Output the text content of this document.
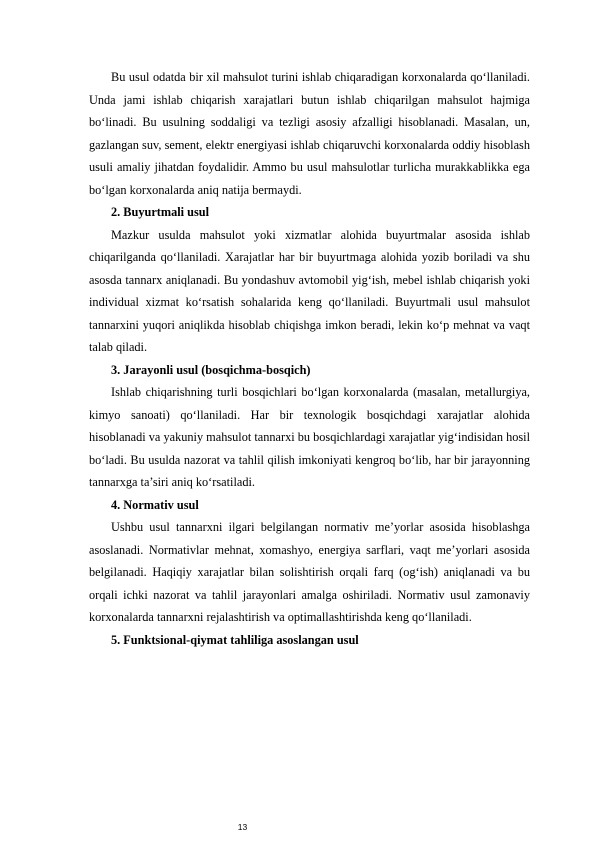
Bu usul odatda bir xil mahsulot turini ishlab chiqaradigan korxonalarda qo‘llaniladi. Unda jami ishlab chiqarish xarajatlari butun ishlab chiqarilgan mahsulot hajmiga bo‘linadi. Bu usulning soddaligi va tezligi asosiy afzalligi hisoblanadi. Masalan, un, gazlangan suv, sement, elektr energiyasi ishlab chiqaruvchi korxonalarda oddiy hisoblash usuli amaliy jihatdan foydalidir. Ammo bu usul mahsulotlar turlicha murakkablikka ega bo‘lgan korxonalarda aniq natija bermaydi.

2. Buyurtmali usul

Mazkur usulda mahsulot yoki xizmatlar alohida buyurtmalar asosida ishlab chiqarilganda qo‘llaniladi. Xarajatlar har bir buyurtmaga alohida yozib boriladi va shu asosda tannarx aniqlanadi. Bu yondashuv avtomobil yig‘ish, mebel ishlab chiqarish yoki individual xizmat ko‘rsatish sohalarida keng qo‘llaniladi. Buyurtmali usul mahsulot tannarxini yuqori aniqlikda hisoblab chiqishga imkon beradi, lekin ko‘p mehnat va vaqt talab qiladi.

3. Jarayonli usul (bosqichma-bosqich)

Ishlab chiqarishning turli bosqichlari bo‘lgan korxonalarda (masalan, metallurgiya, kimyo sanoati) qo‘llaniladi. Har bir texnologik bosqichdagi xarajatlar alohida hisoblanadi va yakuniy mahsulot tannarxi bu bosqichlardagi xarajatlar yig‘indisidan hosil bo‘ladi. Bu usulda nazorat va tahlil qilish imkoniyati kengroq bo‘lib, har bir jarayonning tannarxga ta’siri aniq ko‘rsatiladi.

4. Normativ usul

Ushbu usul tannarxni ilgari belgilangan normativ me’yorlar asosida hisoblashga asoslanadi. Normativlar mehnat, xomashyo, energiya sarflari, vaqt me’yorlari asosida belgilanadi. Haqiqiy xarajatlar bilan solishtirish orqali farq (og‘ish) aniqlanadi va bu orqali ichki nazorat va tahlil jarayonlari amalga oshiriladi. Normativ usul zamonaviy korxonalarda tannarxni rejalashtirish va optimallashtirishda keng qo‘llaniladi.

5. Funktsional-qiymat tahliliga asoslangan usul

13
